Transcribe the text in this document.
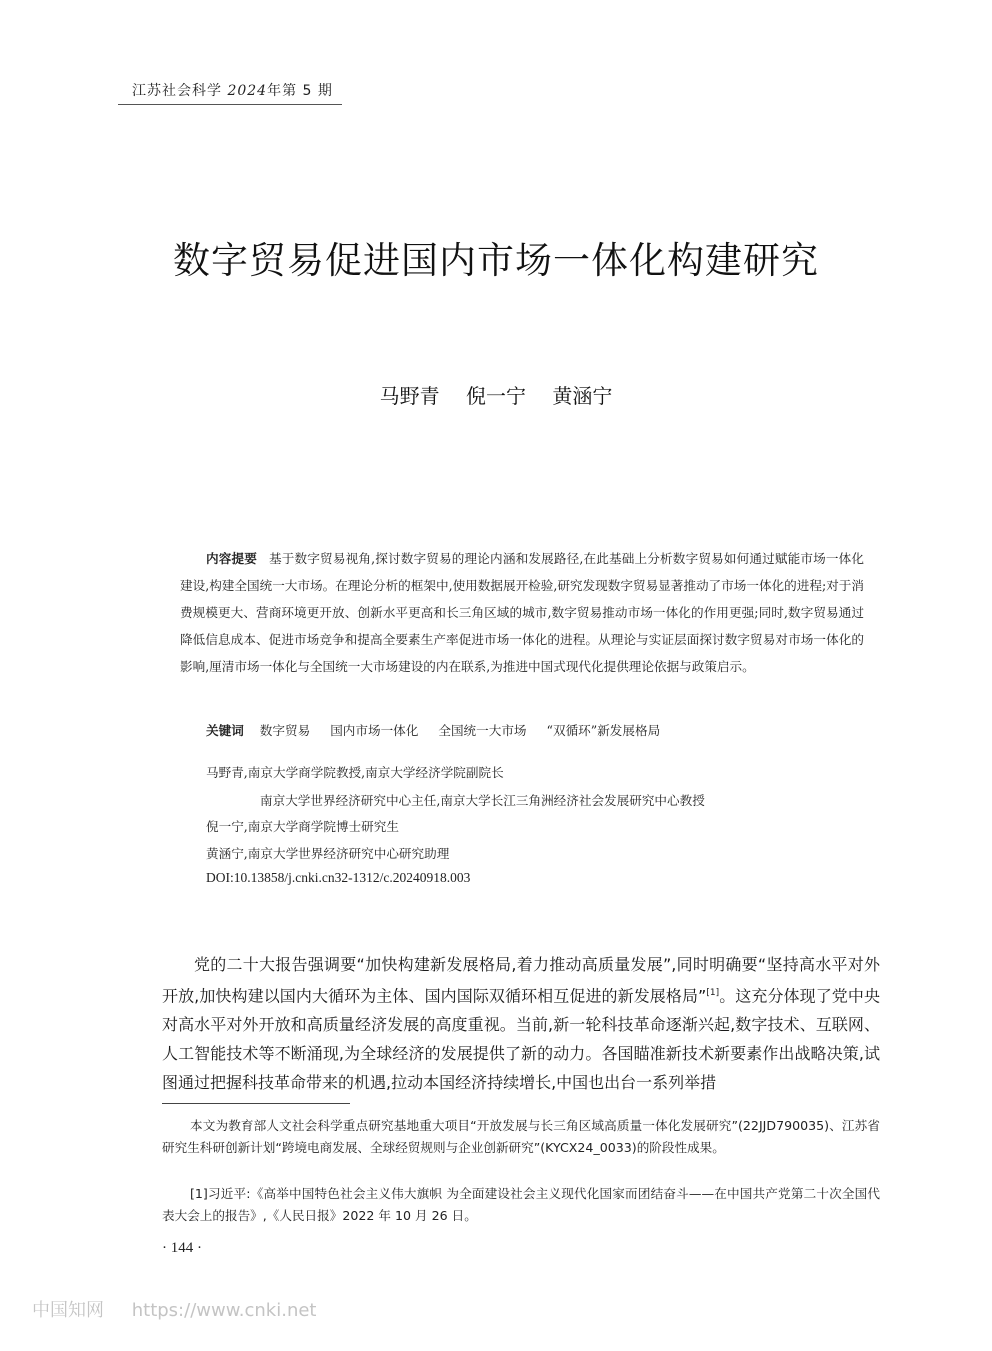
江苏社会科学 2024年第 5 期
数字贸易促进国内市场一体化构建研究
马野青 倪一宁 黄涵宁
内容提要 基于数字贸易视角,探讨数字贸易的理论内涵和发展路径,在此基础上分析数字贸易如何通过赋能市场一体化建设,构建全国统一大市场。在理论分析的框架中,使用数据展开检验,研究发现数字贸易显著推动了市场一体化的进程;对于消费规模更大、营商环境更开放、创新水平更高和长三角区域的城市,数字贸易推动市场一体化的作用更强;同时,数字贸易通过降低信息成本、促进市场竞争和提高全要素生产率促进市场一体化的进程。从理论与实证层面探讨数字贸易对市场一体化的影响,厘清市场一体化与全国统一大市场建设的内在联系,为推进中国式现代化提供理论依据与政策启示。
关键词 数字贸易 国内市场一体化 全国统一大市场 “双循环”新发展格局
马野青,南京大学商学院教授,南京大学经济学院副院长
南京大学世界经济研究中心主任,南京大学长江三角洲经济社会发展研究中心教授
倪一宁,南京大学商学院博士研究生
黄涵宁,南京大学世界经济研究中心研究助理
DOI:10.13858/j.cnki.cn32-1312/c.20240918.003
党的二十大报告强调要“加快构建新发展格局,着力推动高质量发展”,同时明确要“坚持高水平对外开放,加快构建以国内大循环为主体、国内国际双循环相互促进的新发展格局”[1]。这充分体现了党中央对高水平对外开放和高质量经济发展的高度重视。当前,新一轮科技革命逐渐兴起,数字技术、互联网、人工智能技术等不断涌现,为全球经济的发展提供了新的动力。各国瞄准新技术新要素作出战略决策,试图通过把握科技革命带来的机遇,拉动本国经济持续增长,中国也出台一系列举措
本文为教育部人文社会科学重点研究基地重大项目“开放发展与长三角区域高质量一体化发展研究”(22JJD790035)、江苏省研究生科研创新计划“跨境电商发展、全球经贸规则与企业创新研究”(KYCX24_0033)的阶段性成果。
[1]习近平:《高举中国特色社会主义伟大旗帜 为全面建设社会主义现代化国家而团结奋斗——在中国共产党第二十次全国代表大会上的报告》,《人民日报》2022 年 10 月 26 日。
· 144 ·
中国知网 https://www.cnki.net
